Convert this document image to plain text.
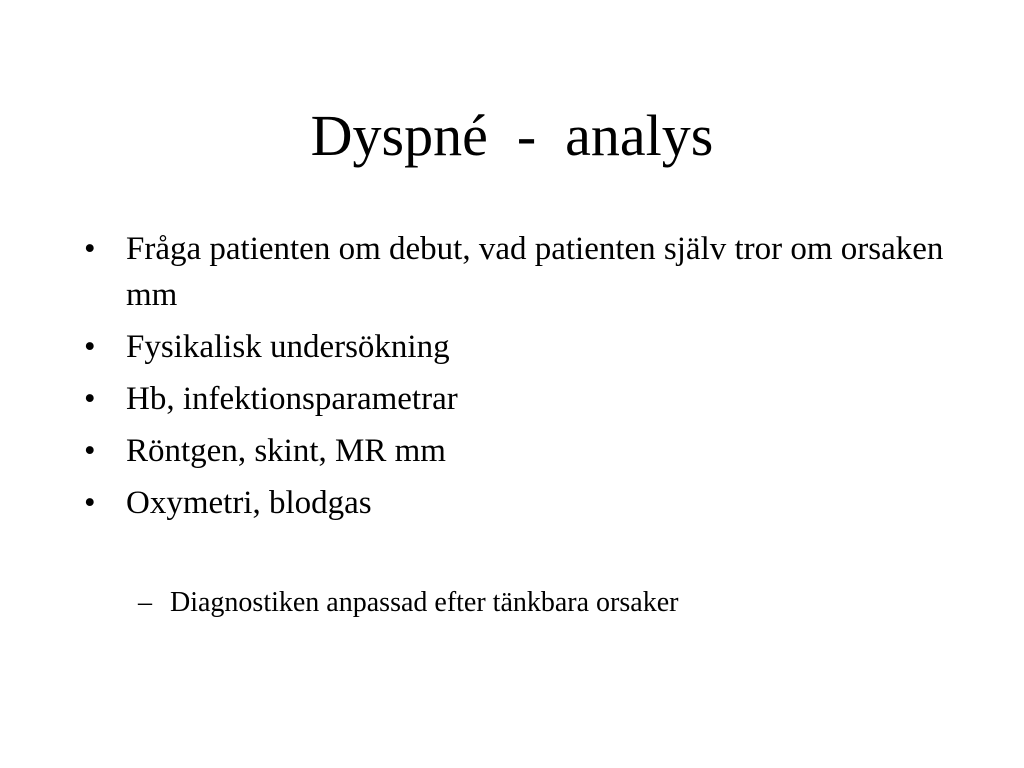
Dyspné  -  analys
• Fråga patienten om debut, vad patienten själv tror om orsaken mm
• Fysikalisk undersökning
• Hb, infektionsparametrar
• Röntgen, skint, MR mm
• Oxymetri, blodgas
– Diagnostiken anpassad efter tänkbara orsaker
